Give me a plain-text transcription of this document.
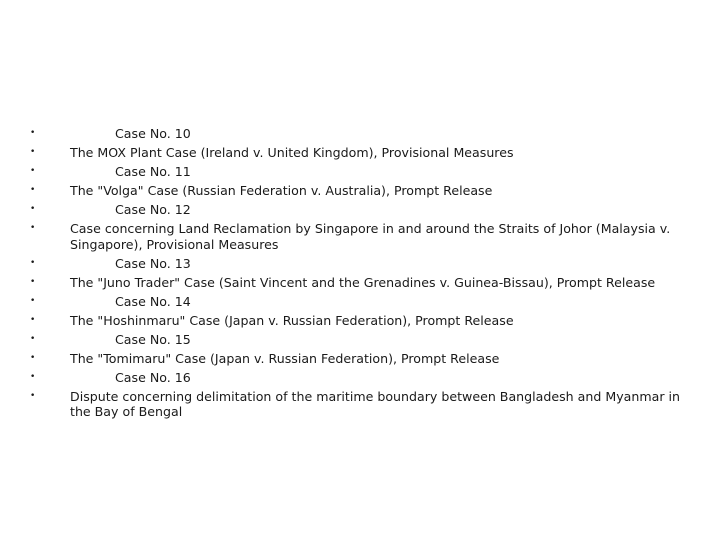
•	Case No. 10
•	The MOX Plant Case (Ireland v. United Kingdom), Provisional Measures
•	Case No. 11
•	The "Volga" Case (Russian Federation v. Australia), Prompt Release
•	Case No. 12
•	Case concerning Land Reclamation by Singapore in and around the Straits of Johor (Malaysia v. Singapore), Provisional Measures
•	Case No. 13
•	The "Juno Trader" Case (Saint Vincent and the Grenadines v. Guinea-Bissau), Prompt Release
•	Case No. 14
•	The "Hoshinmaru" Case (Japan v. Russian Federation), Prompt Release
•	Case No. 15
•	The "Tomimaru" Case (Japan v. Russian Federation), Prompt Release
•	Case No. 16
•	Dispute concerning delimitation of the maritime boundary between Bangladesh and Myanmar in the Bay of Bengal
